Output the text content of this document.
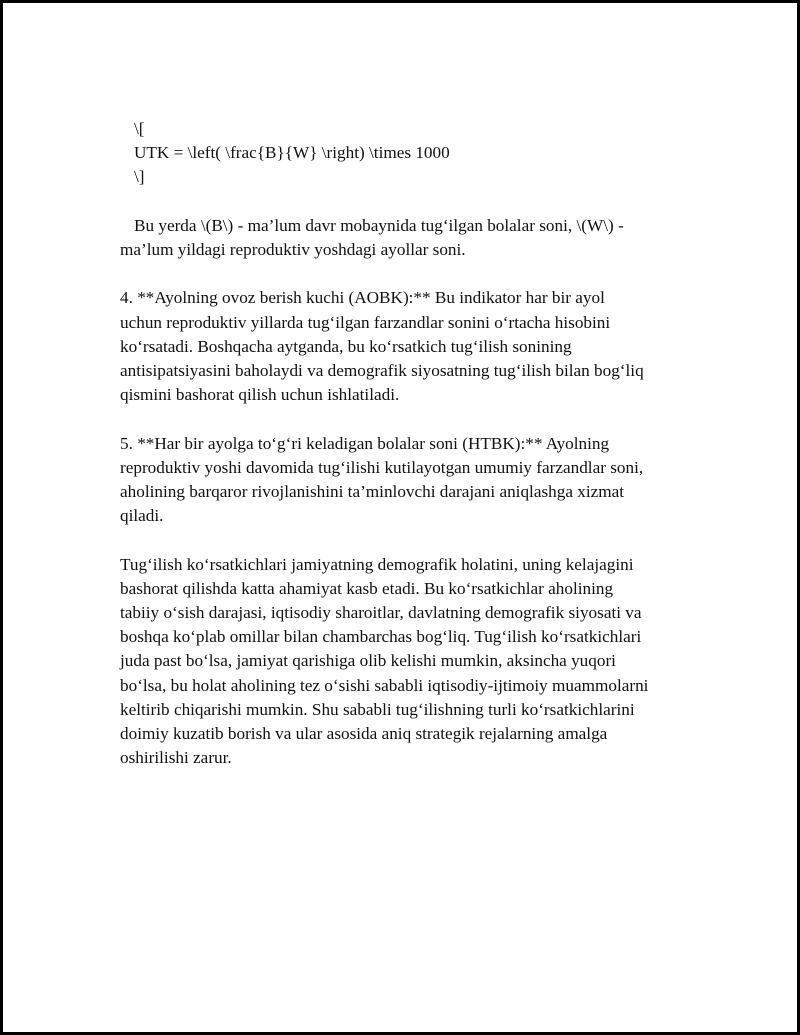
\[
UTK = \left( \frac{B}{W} \right) \times 1000
\]
Bu yerda \(B\) - ma’lum davr mobaynida tug‘ilgan bolalar soni, \(W\) -
ma’lum yildagi reproduktiv yoshdagi ayollar soni.
4. **Ayolning ovoz berish kuchi (AOBK):** Bu indikator har bir ayol
uchun reproduktiv yillarda tug‘ilgan farzandlar sonini o‘rtacha hisobini
ko‘rsatadi. Boshqacha aytganda, bu ko‘rsatkich tug‘ilish sonining
antisipatsiyasini baholaydi va demografik siyosatning tug‘ilish bilan bog‘liq
qismini bashorat qilish uchun ishlatiladi.
5. **Har bir ayolga to‘g‘ri keladigan bolalar soni (HTBK):** Ayolning
reproduktiv yoshi davomida tug‘ilishi kutilayotgan umumiy farzandlar soni,
aholining barqaror rivojlanishini ta’minlovchi darajani aniqlashga xizmat
qiladi.
Tug‘ilish ko‘rsatkichlari jamiyatning demografik holatini, uning kelajagini
bashorat qilishda katta ahamiyat kasb etadi. Bu ko‘rsatkichlar aholining
tabiiy o‘sish darajasi, iqtisodiy sharoitlar, davlatning demografik siyosati va
boshqa ko‘plab omillar bilan chambarchas bog‘liq. Tug‘ilish ko‘rsatkichlari
juda past bo‘lsa, jamiyat qarishiga olib kelishi mumkin, aksincha yuqori
bo‘lsa, bu holat aholining tez o‘sishi sababli iqtisodiy-ijtimoiy muammolarni
keltirib chiqarishi mumkin. Shu sababli tug‘ilishning turli ko‘rsatkichlarini
doimiy kuzatib borish va ular asosida aniq strategik rejalarning amalga
oshirilishi zarur.
